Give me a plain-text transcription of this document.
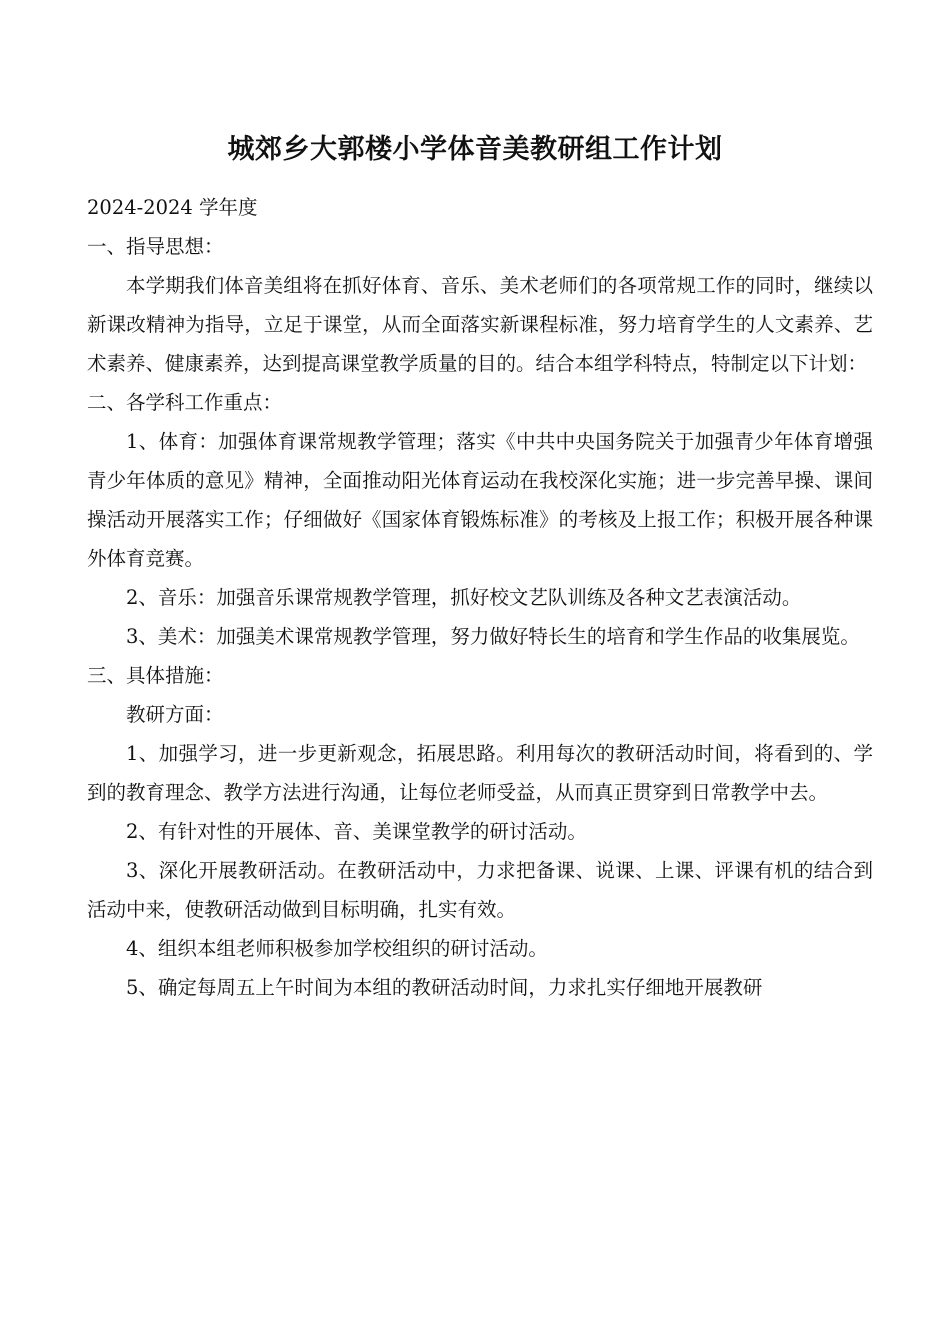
城郊乡大郭楼小学体音美教研组工作计划

2024-2024 学年度

一、指导思想：

本学期我们体音美组将在抓好体育、音乐、美术老师们的各项常规工作的同时，继续以新课改精神为指导，立足于课堂，从而全面落实新课程标准，努力培育学生的人文素养、艺术素养、健康素养，达到提高课堂教学质量的目的。结合本组学科特点，特制定以下计划：

二、各学科工作重点：

1、体育：加强体育课常规教学管理；落实《中共中央国务院关于加强青少年体育增强青少年体质的意见》精神，全面推动阳光体育运动在我校深化实施；进一步完善早操、课间操活动开展落实工作；仔细做好《国家体育锻炼标准》的考核及上报工作；积极开展各种课外体育竞赛。

2、音乐：加强音乐课常规教学管理，抓好校文艺队训练及各种文艺表演活动。

3、美术：加强美术课常规教学管理，努力做好特长生的培育和学生作品的收集展览。

三、具体措施：

教研方面：

1、加强学习，进一步更新观念，拓展思路。利用每次的教研活动时间，将看到的、学到的教育理念、教学方法进行沟通，让每位老师受益，从而真正贯穿到日常教学中去。

2、有针对性的开展体、音、美课堂教学的研讨活动。

3、深化开展教研活动。在教研活动中，力求把备课、说课、上课、评课有机的结合到活动中来，使教研活动做到目标明确，扎实有效。

4、组织本组老师积极参加学校组织的研讨活动。

5、确定每周五上午时间为本组的教研活动时间，力求扎实仔细地开展教研
